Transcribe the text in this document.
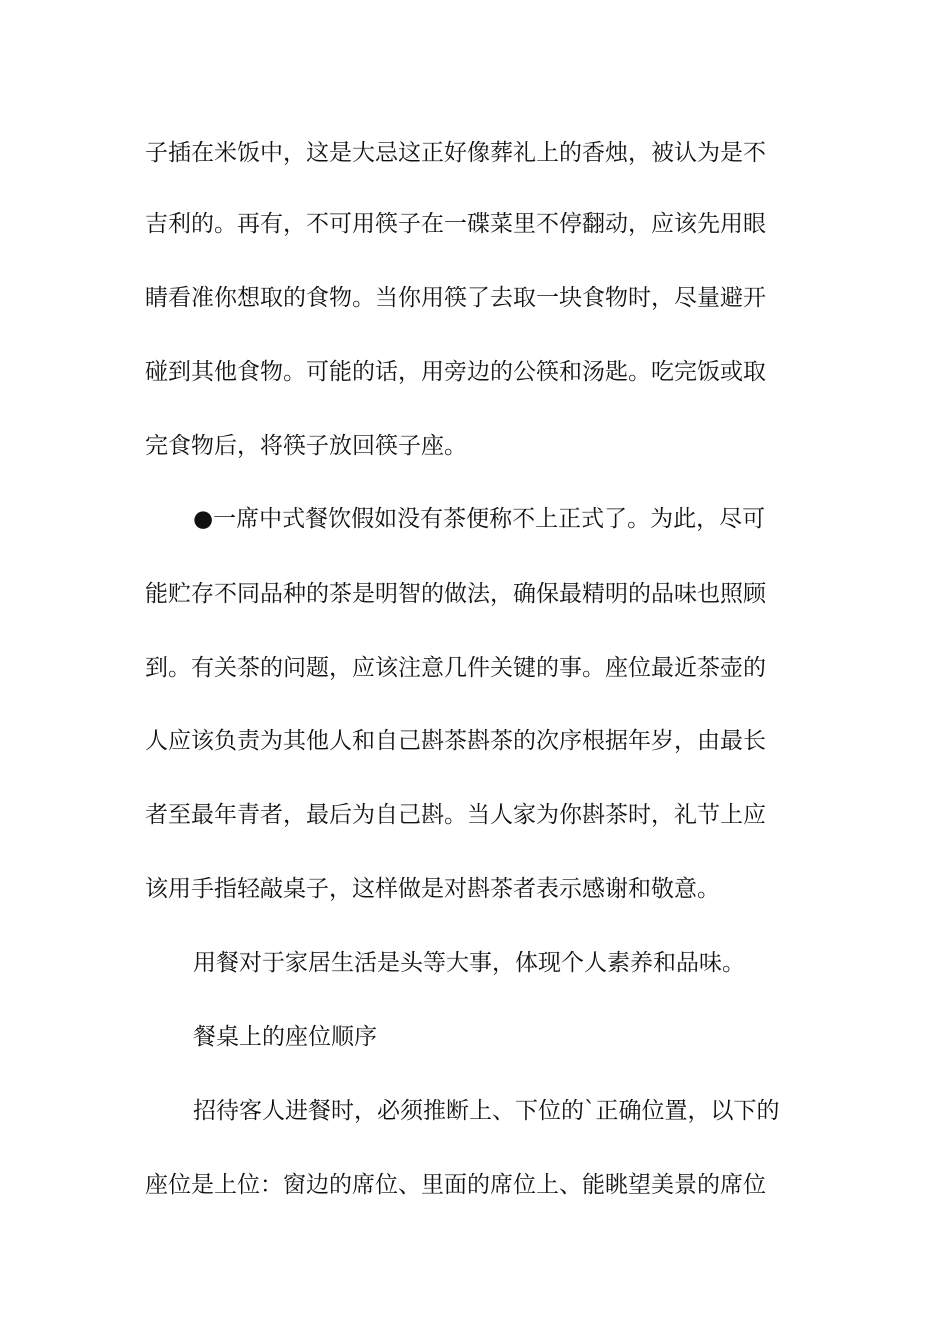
子插在米饭中，这是大忌这正好像葬礼上的香烛，被认为是不
吉利的。再有，不可用筷子在一碟菜里不停翻动，应该先用眼
睛看准你想取的食物。当你用筷了去取一块食物时，尽量避开
碰到其他食物。可能的话，用旁边的公筷和汤匙。吃完饭或取
完食物后，将筷子放回筷子座。
●一席中式餐饮假如没有茶便称不上正式了。为此，尽可
能贮存不同品种的茶是明智的做法，确保最精明的品味也照顾
到。有关茶的问题，应该注意几件关键的事。座位最近茶壶的
人应该负责为其他人和自己斟茶斟茶的次序根据年岁，由最长
者至最年青者，最后为自己斟。当人家为你斟茶时，礼节上应
该用手指轻敲桌子，这样做是对斟茶者表示感谢和敬意。
用餐对于家居生活是头等大事，体现个人素养和品味。
餐桌上的座位顺序
招待客人进餐时，必须推断上、下位的`正确位置，以下的
座位是上位：窗边的席位、里面的席位上、能眺望美景的席位
